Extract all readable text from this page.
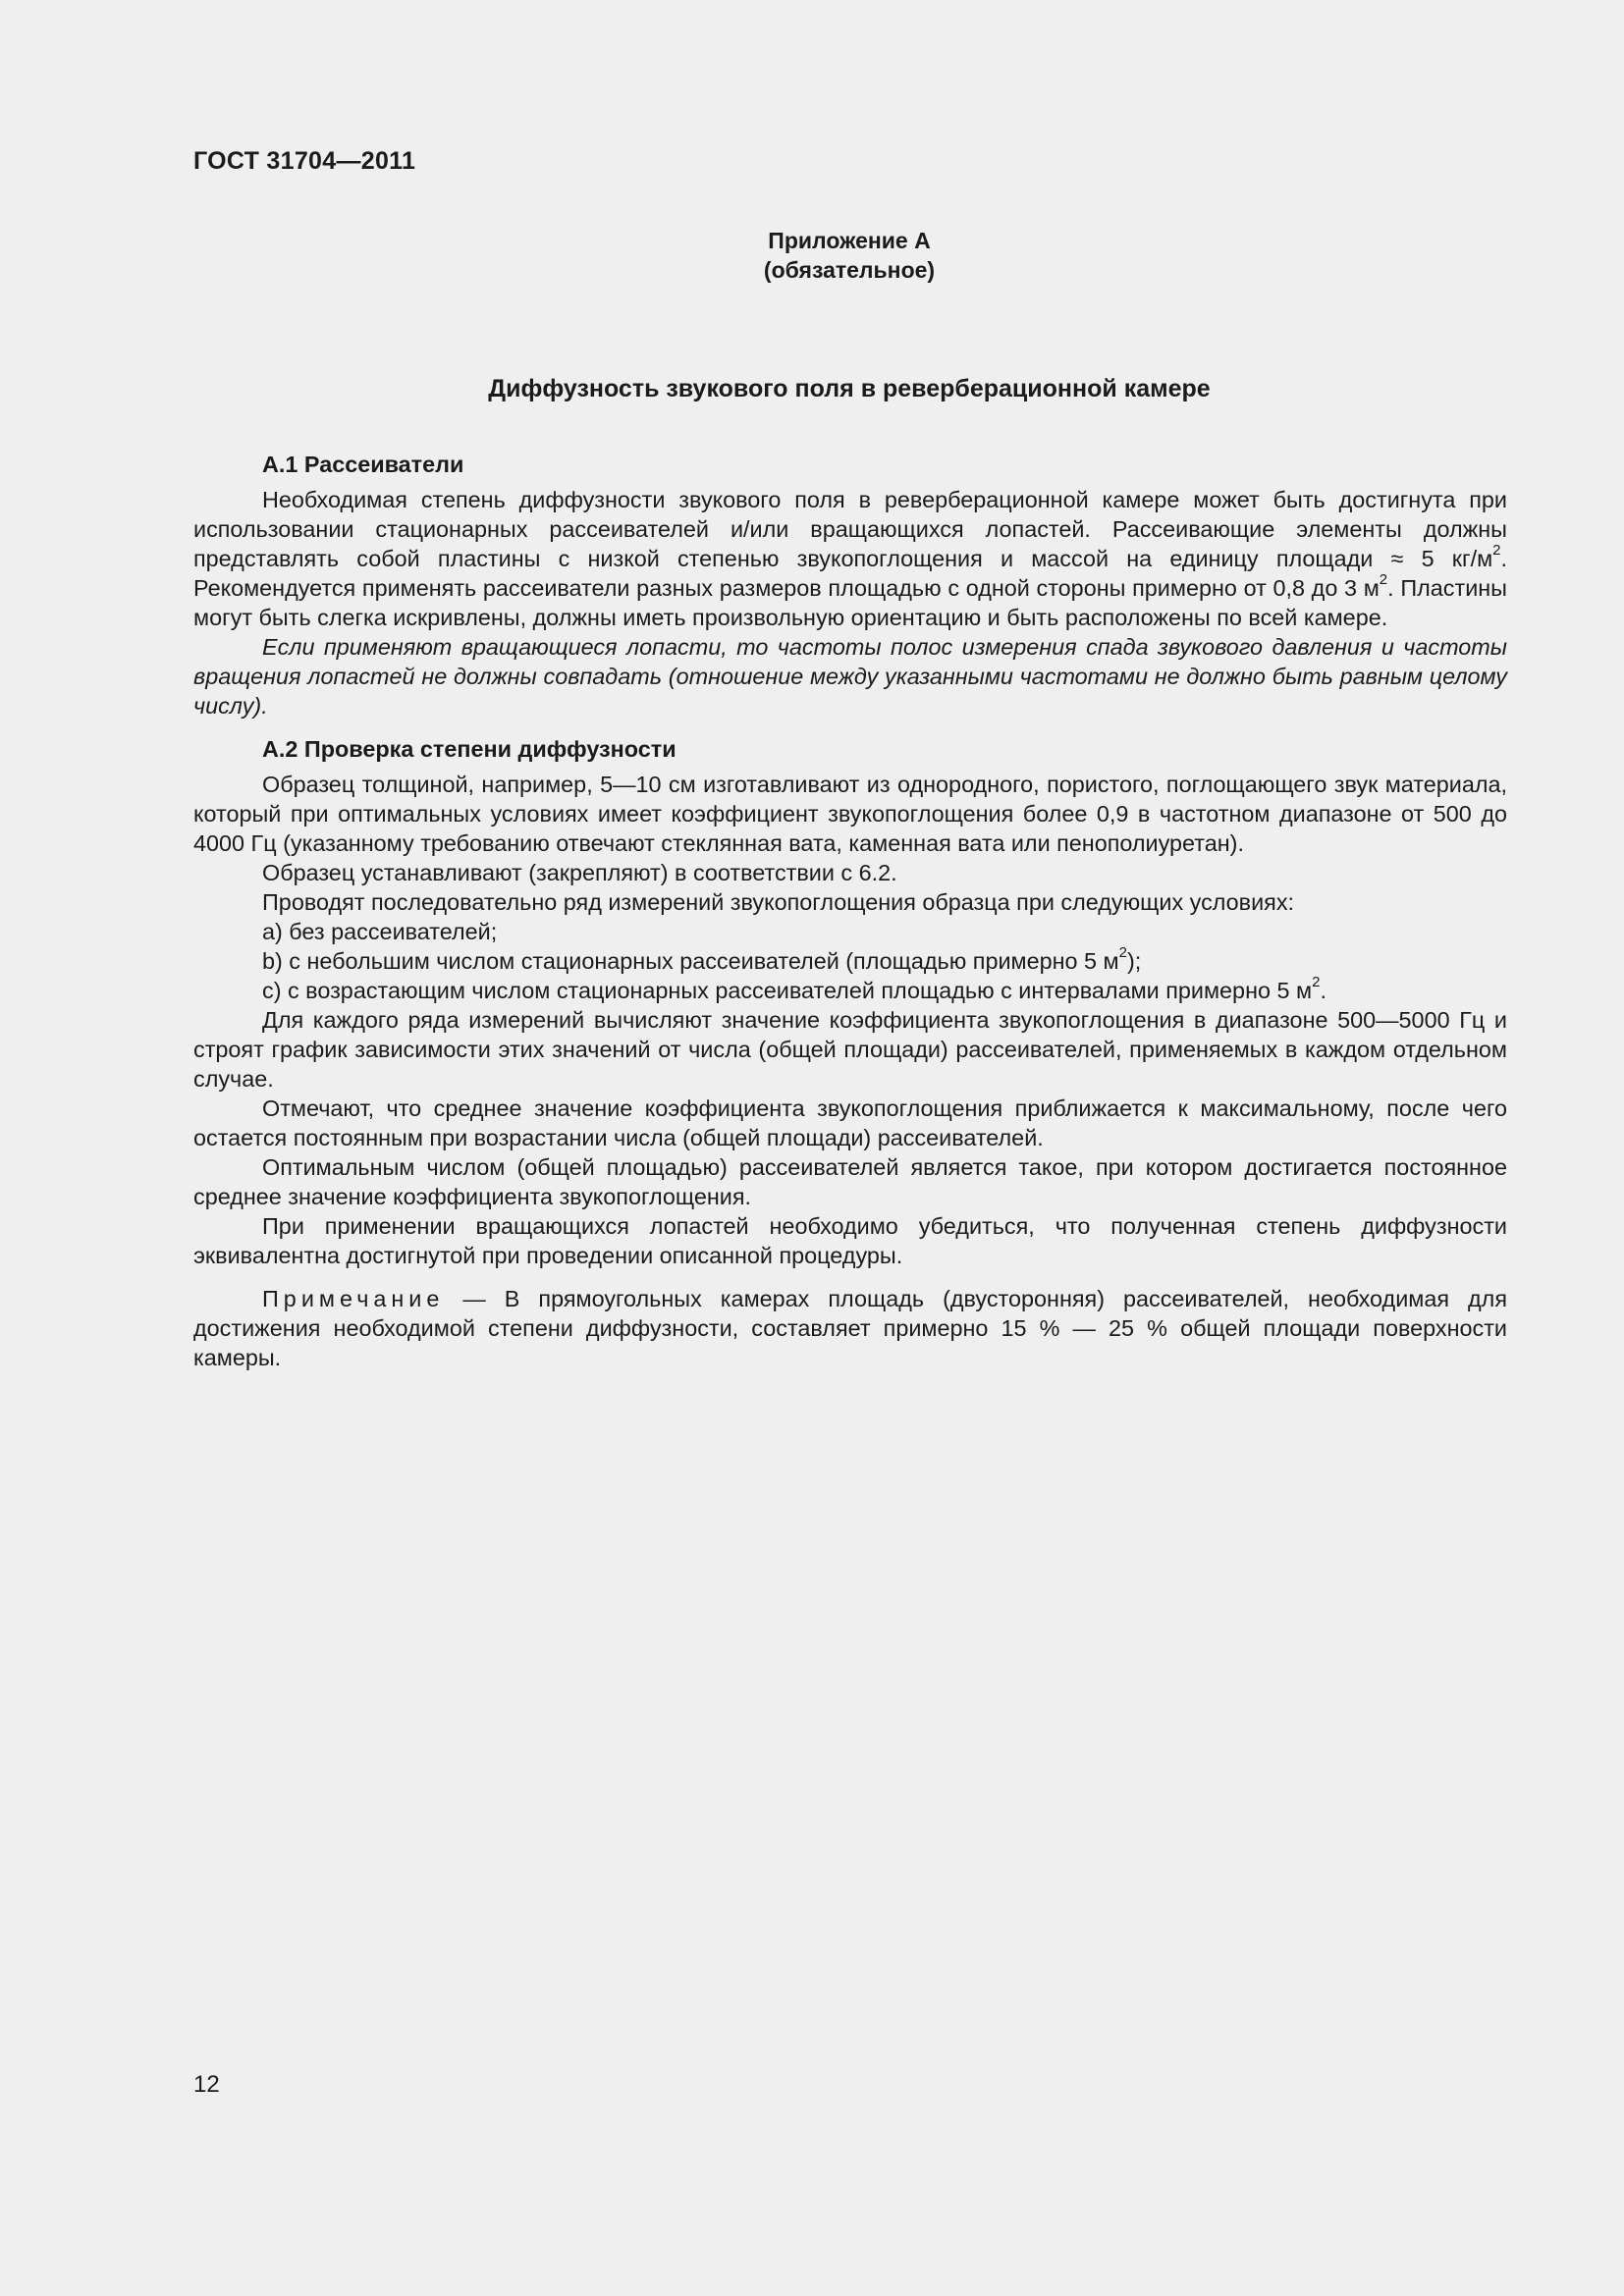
ГОСТ 31704—2011
Приложение А
(обязательное)
Диффузность звукового поля в реверберационной камере

А.1 Рассеиватели

Необходимая степень диффузности звукового поля в реверберационной камере может быть достигнута при использовании стационарных рассеивателей и/или вращающихся лопастей. Рассеивающие элементы должны представлять собой пластины с низкой степенью звукопоглощения и массой на единицу площади ≈ 5 $кг/м^2$. Рекомендуется применять рассеиватели разных размеров площадью с одной стороны примерно от 0,8 до 3 $м^2$. Пластины могут быть слегка искривлены, должны иметь произвольную ориентацию и быть расположены по всей камере.

Если применяют вращающиеся лопасти, то частоты полос измерения спада звукового давления и частоты вращения лопастей не должны совпадать (отношение между указанными частотами не должно быть равным целому числу).

А.2 Проверка степени диффузности

Образец толщиной, например, 5—10 см изготавливают из однородного, пористого, поглощающего звук материала, который при оптимальных условиях имеет коэффициент звукопоглощения более 0,9 в частотном диапазоне от 500 до 4000 Гц (указанному требованию отвечают стеклянная вата, каменная вата или пенополиуретан).

Образец устанавливают (закрепляют) в соответствии с 6.2.

Проводят последовательно ряд измерений звукопоглощения образца при следующих условиях:

а) без рассеивателей;

b) с небольшим числом стационарных рассеивателей (площадью примерно 5 $м^2$);

с) с возрастающим числом стационарных рассеивателей площадью с интервалами примерно 5 $м^2$.

Для каждого ряда измерений вычисляют значение коэффициента звукопоглощения в диапазоне 500—5000 Гц и строят график зависимости этих значений от числа (общей площади) рассеивателей, применяемых в каждом отдельном случае.

Отмечают, что среднее значение коэффициента звукопоглощения приближается к максимальному, после чего остается постоянным при возрастании числа (общей площади) рассеивателей.

Оптимальным числом (общей площадью) рассеивателей является такое, при котором достигается постоянное среднее значение коэффициента звукопоглощения.

При применении вращающихся лопастей необходимо убедиться, что полученная степень диффузности эквивалентна достигнутой при проведении описанной процедуры.

Примечание — В прямоугольных камерах площадь (двусторонняя) рассеивателей, необходимая для достижения необходимой степени диффузности, составляет примерно 15 % — 25 % общей площади поверхности камеры.

12
